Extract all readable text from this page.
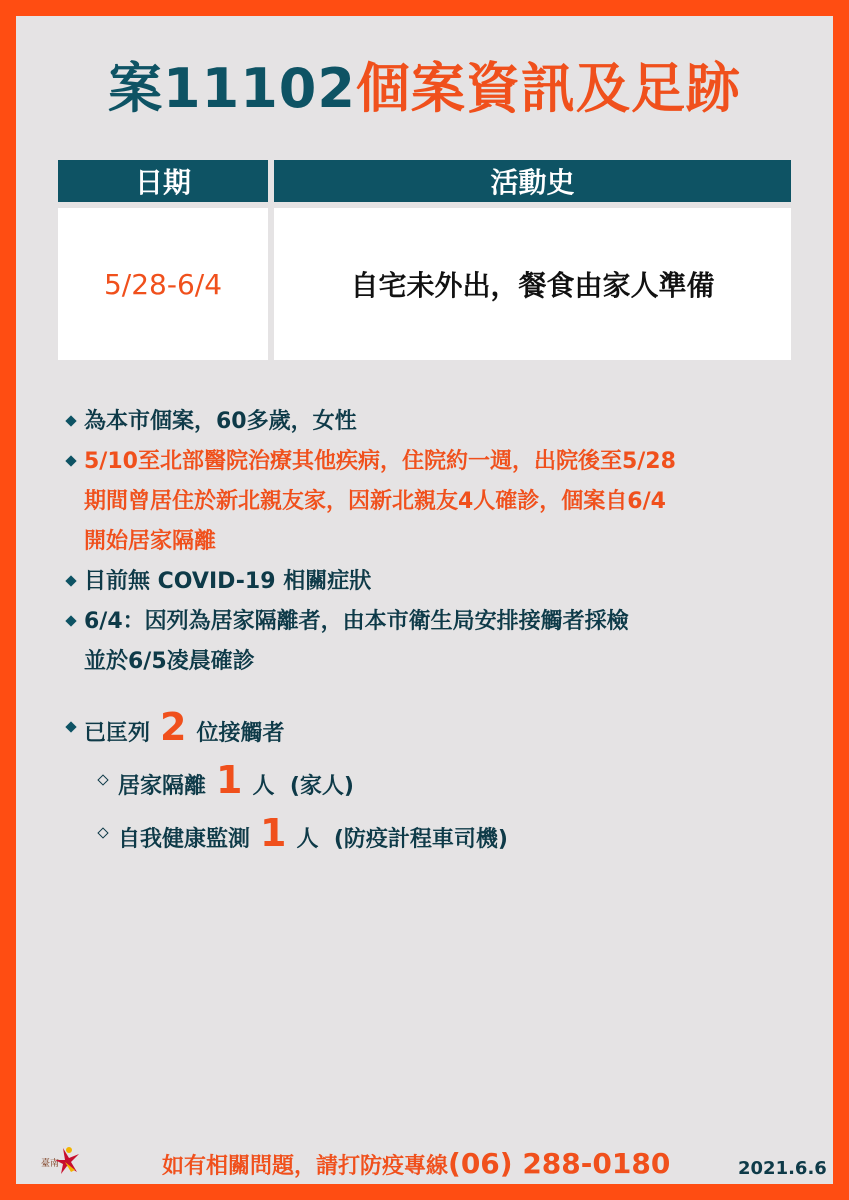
案11102個案資訊及足跡
日期	活動史
5/28-6/4	自宅未外出，餐食由家人準備
為本市個案，60多歲，女性
5/10至北部醫院治療其他疾病，住院約一週，出院後至5/28
期間曾居住於新北親友家，因新北親友4人確診，個案自6/4
開始居家隔離
目前無 COVID-19 相關症狀
6/4：因列為居家隔離者，由本市衛生局安排接觸者採檢
並於6/5凌晨確診
已匡列 2 位接觸者
居家隔離 1 人 (家人)
自我健康監測 1 人 (防疫計程車司機)
臺南	如有相關問題，請打防疫專線(06) 288-0180	2021.6.6
